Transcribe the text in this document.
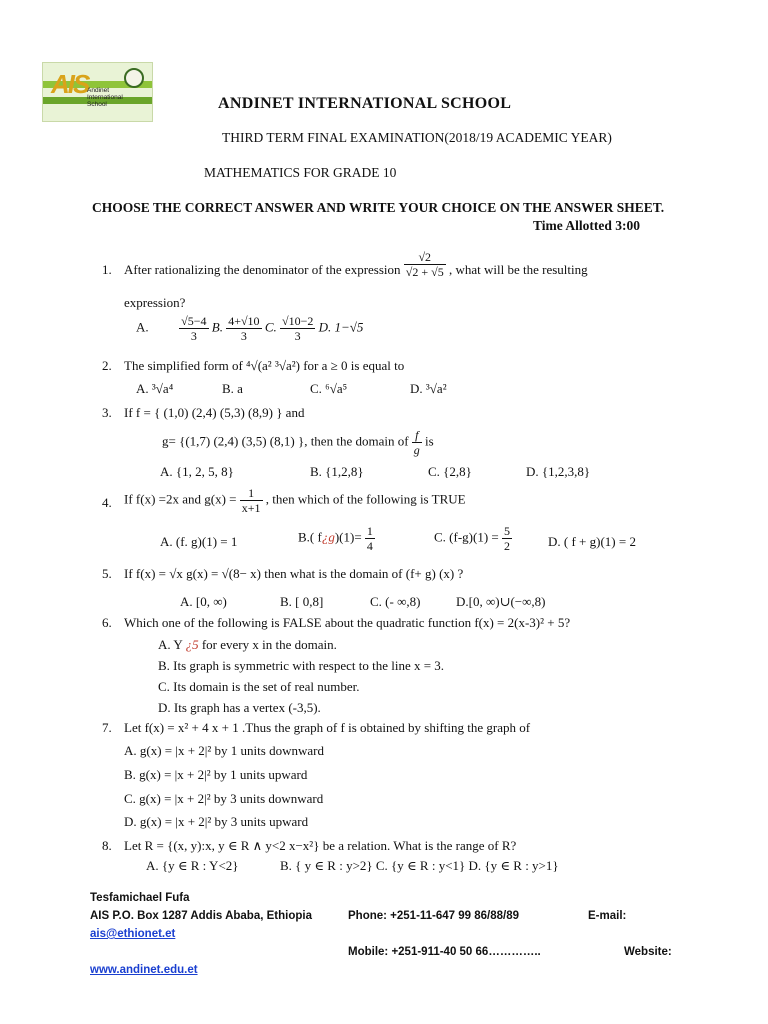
AIS
Andinet International School	ANDINET INTERNATIONAL SCHOOL
THIRD TERM FINAL EXAMINATION(2018/19 ACADEMIC YEAR)
MATHEMATICS FOR GRADE 10
CHOOSE THE CORRECT ANSWER AND WRITE YOUR CHOICE ON THE ANSWER SHEET.
Time Allotted 3:00
1. After rationalizing the denominator of the expression $\frac{√2}{√2 + √5}$ , what will be the resulting
expression?
A.	$\frac{√5-4}{3} B$. $\frac{4+√10}{3} C$. $\frac{√10-2}{3} D$. 1−√5
2. The simplified form of ⁴√(a² ³√a²) for a ≥ 0 is equal to
A. ³√a⁴	B. a	C. ⁶√a⁵	D. ³√a²
3. If f = { (1,0) (2,4) (5,3) (8,9) } and
g= {(1,7) (2,4) (3,5) (8,1) }, then the domain of $\frac{f}{g}$ is
A. {1, 2, 5, 8}	B. {1,2,8}	C. {2,8}	D. {1,2,3,8}
4. If f(x) =2x and $g(x) = \frac{1}{x+1}$ , then which of the following is TRUE
A. (f. g)(1) = 1	B.( f¿g)(1)= $\frac{1}{4}$	C. $(f-g)(1) = \frac{5}{2}$	D. ( f + g)(1) = 2
5. If f(x) = √x g(x) = √(8− x) then what is the domain of (f+ g) (x) ?
A. [0, ∞)	B. [ 0,8]	C. (- ∞,8)	D.[0, ∞)∪(−∞,8)
6. Which one of the following is FALSE about the quadratic function f(x) = 2(x-3)² + 5?
A. Y ¿5 for every x in the domain.
B. Its graph is symmetric with respect to the line x = 3.
C. Its domain is the set of real number.
D. Its graph has a vertex (-3,5).
7. Let f(x) = x² + 4 x + 1 .Thus the graph of f is obtained by shifting the graph of
A. g(x) = |x + 2|² by 1 units downward
B. g(x) = |x + 2|² by 1 units upward
C. g(x) = |x + 2|² by 3 units downward
D. g(x) = |x + 2|² by 3 units upward
8. Let R = {(x, y):x, y ∈ R ∧ y<2 x−x²} be a relation. What is the range of R?
A. {y ∈ R : Y<2}	B. { y ∈ R : y>2} C. {y ∈ R : y<1} D. {y ∈ R : y>1}
Tesfamichael Fufa
AIS P.O. Box 1287 Addis Ababa, Ethiopia	Phone: +251-11-647 99 86/88/89	E-mail:
ais@ethionet.et
Mobile: +251-911-40 50 66…………..	Website:
www.andinet.edu.et
